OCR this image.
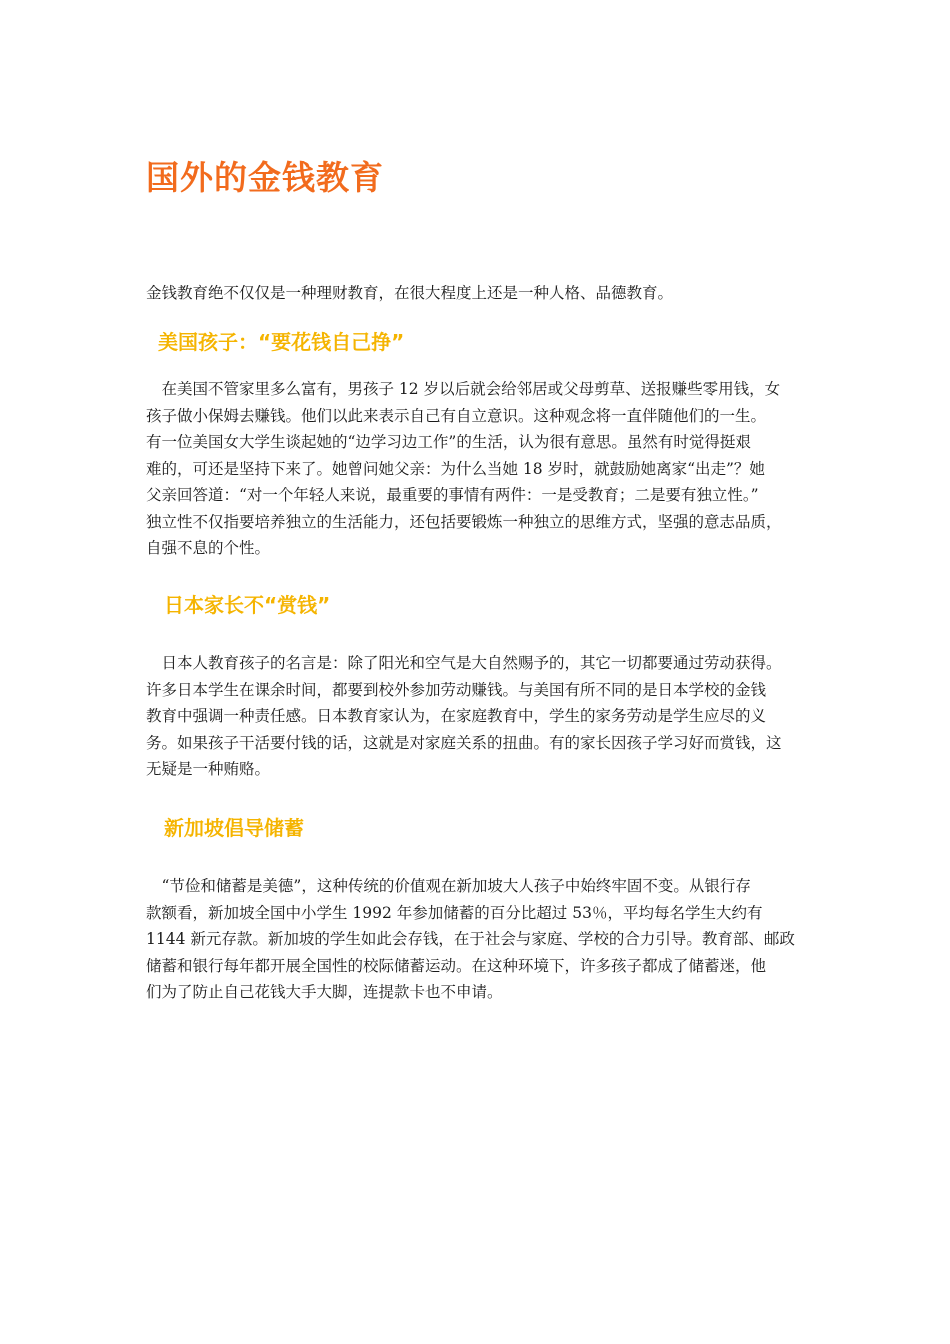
国外的金钱教育

金钱教育绝不仅仅是一种理财教育，在很大程度上还是一种人格、品德教育。

美国孩子：“要花钱自己挣”
　在美国不管家里多么富有，男孩子 12 岁以后就会给邻居或父母剪草、送报赚些零用钱，女
孩子做小保姆去赚钱。他们以此来表示自己有自立意识。这种观念将一直伴随他们的一生。
有一位美国女大学生谈起她的“边学习边工作”的生活，认为很有意思。虽然有时觉得挺艰
难的，可还是坚持下来了。她曾问她父亲：为什么当她 18 岁时，就鼓励她离家“出走”？她
父亲回答道：“对一个年轻人来说，最重要的事情有两件：一是受教育；二是要有独立性。”
独立性不仅指要培养独立的生活能力，还包括要锻炼一种独立的思维方式，坚强的意志品质，
自强不息的个性。
日本家长不“赏钱”
　日本人教育孩子的名言是：除了阳光和空气是大自然赐予的，其它一切都要通过劳动获得。
许多日本学生在课余时间，都要到校外参加劳动赚钱。与美国有所不同的是日本学校的金钱
教育中强调一种责任感。日本教育家认为，在家庭教育中，学生的家务劳动是学生应尽的义
务。如果孩子干活要付钱的话，这就是对家庭关系的扭曲。有的家长因孩子学习好而赏钱，这
无疑是一种贿赂。
新加坡倡导储蓄
　“节俭和储蓄是美德”，这种传统的价值观在新加坡大人孩子中始终牢固不变。从银行存
款额看，新加坡全国中小学生 1992 年参加储蓄的百分比超过 53％，平均每名学生大约有
1144 新元存款。新加坡的学生如此会存钱，在于社会与家庭、学校的合力引导。教育部、邮政
储蓄和银行每年都开展全国性的校际储蓄运动。在这种环境下，许多孩子都成了储蓄迷，他
们为了防止自己花钱大手大脚，连提款卡也不申请。
